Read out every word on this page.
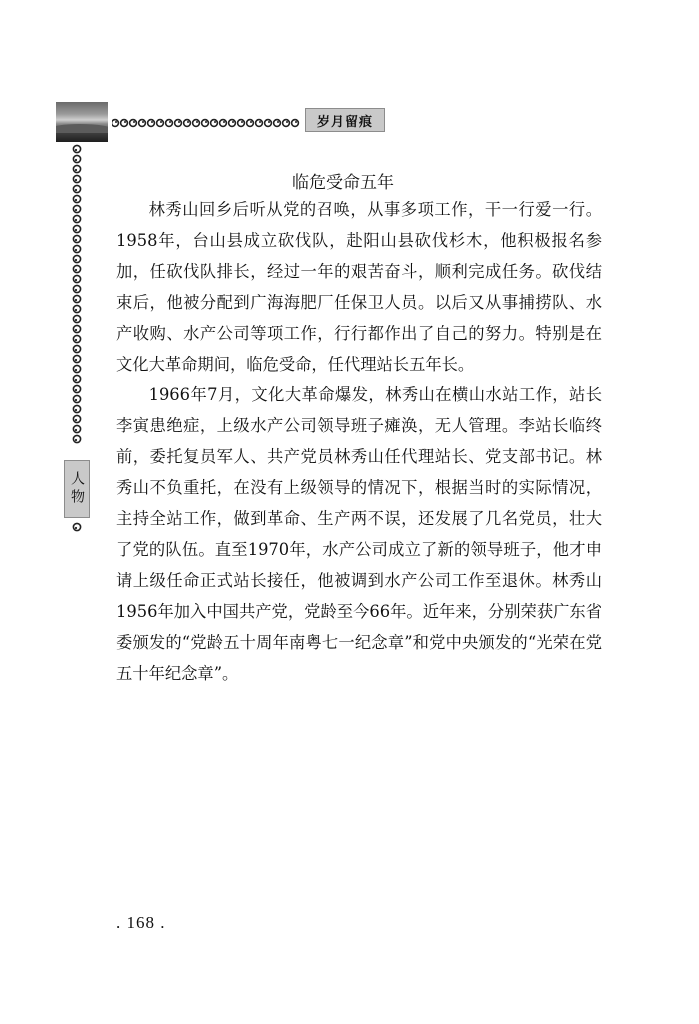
岁月留痕
人物
临危受命五年

林秀山回乡后听从党的召唤，从事多项工作，干一行爱一行。1958年，台山县成立砍伐队，赴阳山县砍伐杉木，他积极报名参加，任砍伐队排长，经过一年的艰苦奋斗，顺利完成任务。砍伐结束后，他被分配到广海海肥厂任保卫人员。以后又从事捕捞队、水产收购、水产公司等项工作，行行都作出了自己的努力。特别是在文化大革命期间，临危受命，任代理站长五年长。

1966年7月，文化大革命爆发，林秀山在横山水站工作，站长李寅患绝症，上级水产公司领导班子瘫涣，无人管理。李站长临终前，委托复员军人、共产党员林秀山任代理站长、党支部书记。林秀山不负重托，在没有上级领导的情况下，根据当时的实际情况，主持全站工作，做到革命、生产两不误，还发展了几名党员，壮大了党的队伍。直至1970年，水产公司成立了新的领导班子，他才申请上级任命正式站长接任，他被调到水产公司工作至退休。林秀山1956年加入中国共产党，党龄至今66年。近年来，分别荣获广东省委颁发的“党龄五十周年南粤七一纪念章”和党中央颁发的“光荣在党五十年纪念章”。

. 168 .
